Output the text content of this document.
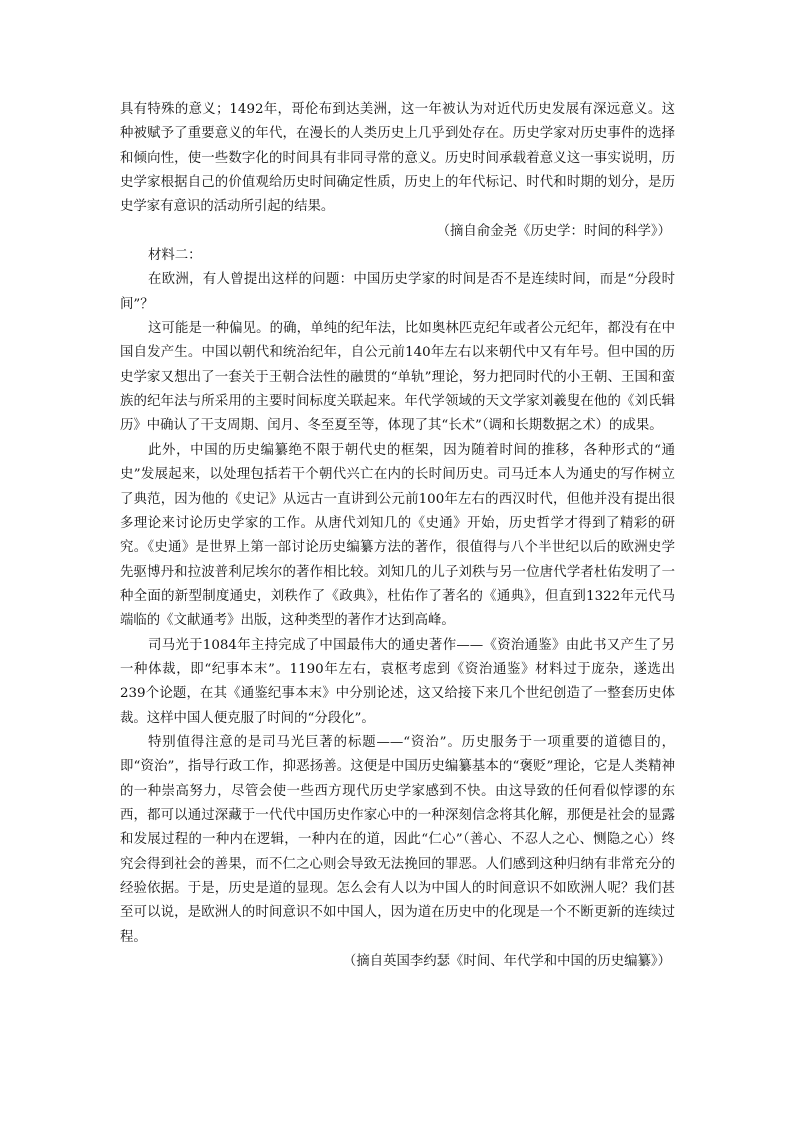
具有特殊的意义；1492年，哥伦布到达美洲，这一年被认为对近代历史发展有深远意义。这种被赋予了重要意义的年代，在漫长的人类历史上几乎到处存在。历史学家对历史事件的选择和倾向性，使一些数字化的时间具有非同寻常的意义。历史时间承载着意义这一事实说明，历史学家根据自己的价值观给历史时间确定性质，历史上的年代标记、时代和时期的划分，是历史学家有意识的活动所引起的结果。

（摘自俞金尧《历史学：时间的科学》）

材料二：

在欧洲，有人曾提出这样的问题：中国历史学家的时间是否不是连续时间，而是“分段时间”？

这可能是一种偏见。的确，单纯的纪年法，比如奥林匹克纪年或者公元纪年，都没有在中国自发产生。中国以朝代和统治纪年，自公元前140年左右以来朝代中又有年号。但中国的历史学家又想出了一套关于王朝合法性的融贯的“单轨”理论，努力把同时代的小王朝、王国和蛮族的纪年法与所采用的主要时间标度关联起来。年代学领域的天文学家刘羲叟在他的《刘氏辑历》中确认了干支周期、闰月、冬至夏至等，体现了其“长术”（调和长期数据之术）的成果。

此外，中国的历史编纂绝不限于朝代史的框架，因为随着时间的推移，各种形式的“通史”发展起来，以处理包括若干个朝代兴亡在内的长时间历史。司马迁本人为通史的写作树立了典范，因为他的《史记》从远古一直讲到公元前100年左右的西汉时代，但他并没有提出很多理论来讨论历史学家的工作。从唐代刘知几的《史通》开始，历史哲学才得到了精彩的研究。《史通》是世界上第一部讨论历史编纂方法的著作，很值得与八个半世纪以后的欧洲史学先驱博丹和拉波普利尼埃尔的著作相比较。刘知几的儿子刘秩与另一位唐代学者杜佑发明了一种全面的新型制度通史，刘秩作了《政典》，杜佑作了著名的《通典》，但直到1322年元代马端临的《文献通考》出版，这种类型的著作才达到高峰。

司马光于1084年主持完成了中国最伟大的通史著作——《资治通鉴》由此书又产生了另一种体裁，即“纪事本末”。1190年左右，袁枢考虑到《资治通鉴》材料过于庞杂，遂选出239个论题，在其《通鉴纪事本末》中分别论述，这又给接下来几个世纪创造了一整套历史体裁。这样中国人便克服了时间的“分段化”。

特别值得注意的是司马光巨著的标题——“资治”。历史服务于一项重要的道德目的，即“资治”，指导行政工作，抑恶扬善。这便是中国历史编纂基本的“褒贬”理论，它是人类精神的一种崇高努力，尽管会使一些西方现代历史学家感到不快。由这导致的任何看似悖谬的东西，都可以通过深藏于一代代中国历史作家心中的一种深刻信念将其化解，那便是社会的显露和发展过程的一种内在逻辑，一种内在的道，因此“仁心”（善心、不忍人之心、恻隐之心）终究会得到社会的善果，而不仁之心则会导致无法挽回的罪恶。人们感到这种归纳有非常充分的经验依据。于是，历史是道的显现。怎么会有人以为中国人的时间意识不如欧洲人呢？我们甚至可以说，是欧洲人的时间意识不如中国人，因为道在历史中的化现是一个不断更新的连续过程。

（摘自英国李约瑟《时间、年代学和中国的历史编纂》）
